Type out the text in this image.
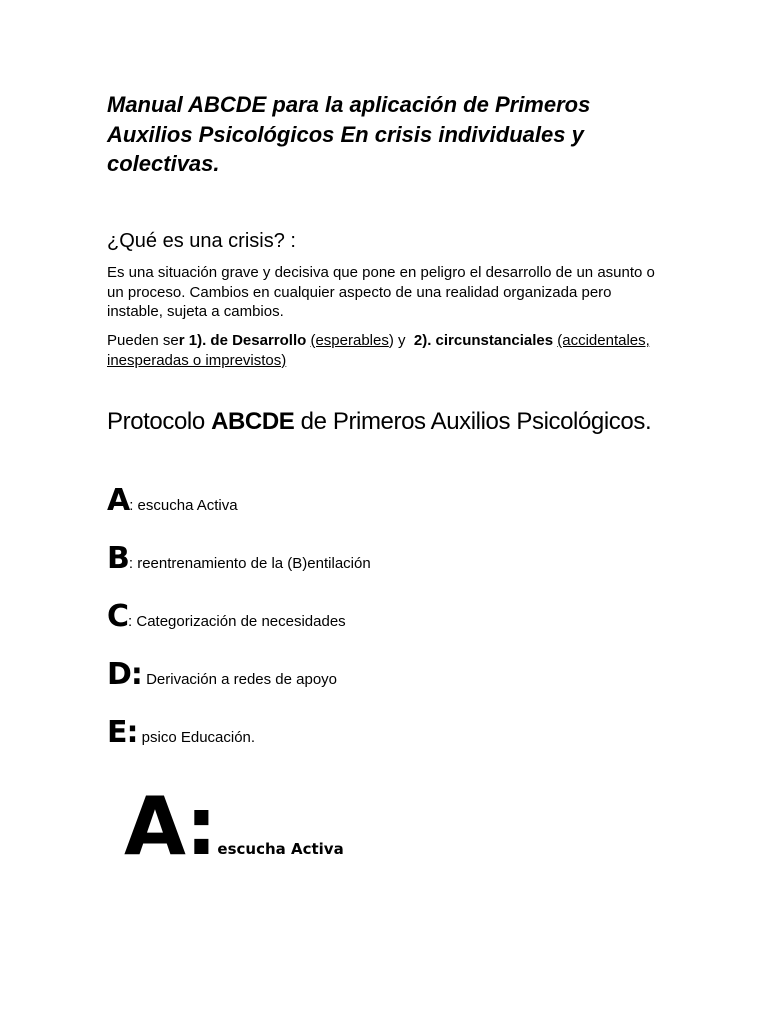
Manual ABCDE para la aplicación de Primeros Auxilios Psicológicos En crisis individuales y colectivas.
¿Qué es una crisis? :

Es una situación grave y decisiva que pone en peligro el desarrollo de un asunto o un proceso. Cambios en cualquier aspecto de una realidad organizada pero instable, sujeta a cambios.

Pueden ser 1). de Desarrollo (esperables) y  2). circunstanciales (accidentales, inesperadas o imprevistos)

Protocolo ABCDE de Primeros Auxilios Psicológicos.
A: escucha Activa
B: reentrenamiento de la (B)entilación
C: Categorización de necesidades
D: Derivación a redes de apoyo
E: psico Educación.
A: escucha Activa
